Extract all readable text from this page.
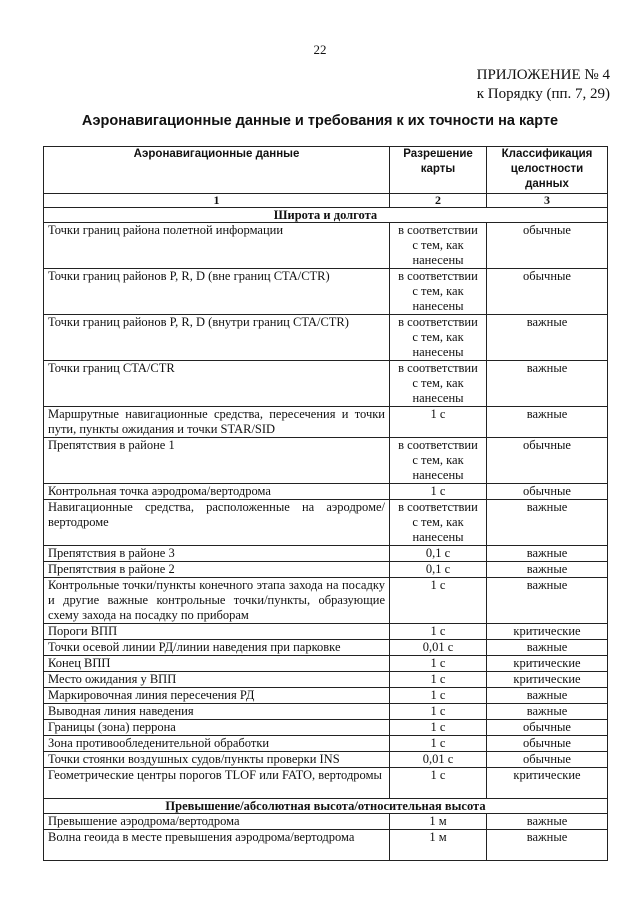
22
ПРИЛОЖЕНИЕ № 4
к Порядку (пп. 7, 29)
Аэронавигационные данные и требования к их точности на карте
Аэронавигационные данные	Разрешение карты	Классификация целостности данных
1	2	3
Широта и долгота		
Точки границ района полетной информации	в соответствии с тем, как нанесены	обычные
Точки границ районов P, R, D (вне границ CTA/CTR)	в соответствии с тем, как нанесены	обычные
Точки границ районов P, R, D (внутри границ CTA/CTR)	в соответствии с тем, как нанесены	важные
Точки границ CTA/CTR	в соответствии с тем, как нанесены	важные
Маршрутные навигационные средства, пересечения и точки пути, пункты ожидания и точки STAR/SID	1 с	важные
Препятствия в районе 1	в соответствии с тем, как нанесены	обычные
Контрольная точка аэродрома/вертодрома	1 с	обычные
Навигационные средства, расположенные на аэродроме/вертодроме	в соответствии с тем, как нанесены	важные
Препятствия в районе 3	0,1 с	важные
Препятствия в районе 2	0,1 с	важные
Контрольные точки/пункты конечного этапа захода на посадку и другие важные контрольные точки/пункты, образующие схему захода на посадку по приборам	1 с	важные
Пороги ВПП	1 с	критические
Точки осевой линии РД/линии наведения при парковке	0,01 с	важные
Конец ВПП	1 с	критические
Место ожидания у ВПП	1 с	критические
Маркировочная линия пересечения РД	1 с	важные
Выводная линия наведения	1 с	важные
Границы (зона) перрона	1 с	обычные
Зона противообледенительной обработки	1 с	обычные
Точки стоянки воздушных судов/пункты проверки INS	0,01 с	обычные
Геометрические центры порогов TLOF или FATO, вертодромы	1 с	критические
Превышение/абсолютная высота/относительная высота		
Превышение аэродрома/вертодрома	1 м	важные
Волна геоида в месте превышения аэродрома/вертодрома	1 м	важные
